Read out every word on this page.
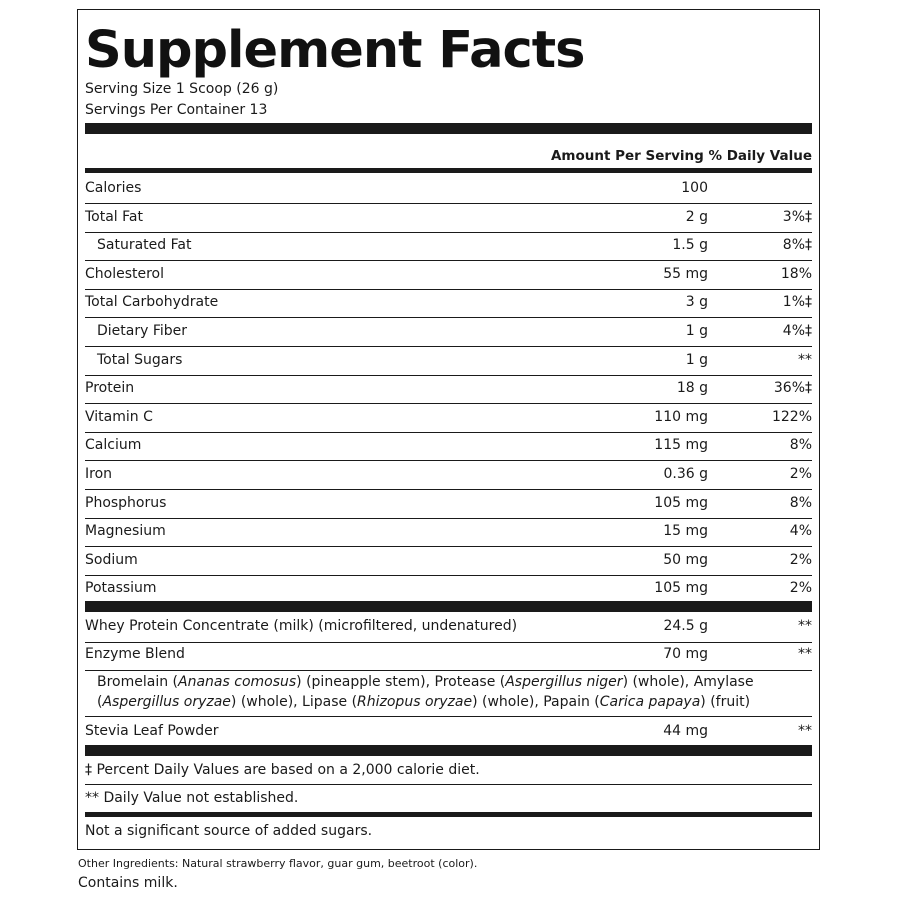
Supplement Facts
Serving Size 1 Scoop (26 g)
Servings Per Container 13
Amount Per Serving % Daily Value
Calories	100
Total Fat	2 g	3%‡
Saturated Fat	1.5 g	8%‡
Cholesterol	55 mg	18%
Total Carbohydrate	3 g	1%‡
Dietary Fiber	1 g	4%‡
Total Sugars	1 g	**
Protein	18 g	36%‡
Vitamin C	110 mg	122%
Calcium	115 mg	8%
Iron	0.36 g	2%
Phosphorus	105 mg	8%
Magnesium	15 mg	4%
Sodium	50 mg	2%
Potassium	105 mg	2%
Whey Protein Concentrate (milk) (microfiltered, undenatured)	24.5 g	**
Enzyme Blend	70 mg	**
Bromelain (Ananas comosus) (pineapple stem), Protease (Aspergillus niger) (whole), Amylase (Aspergillus oryzae) (whole), Lipase (Rhizopus oryzae) (whole), Papain (Carica papaya) (fruit)
Stevia Leaf Powder	44 mg	**
‡ Percent Daily Values are based on a 2,000 calorie diet.
** Daily Value not established.
Not a significant source of added sugars.
Other Ingredients: Natural strawberry flavor, guar gum, beetroot (color).
Contains milk.
